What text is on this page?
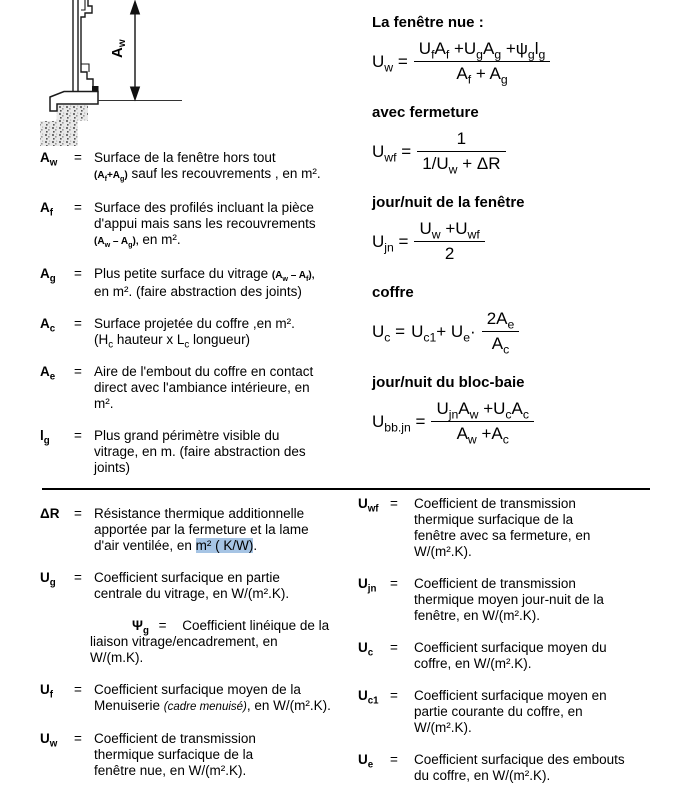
$A_w$
$A_w$	= Surface de la fenêtre hors tout
$(A_f+A_g)$ sauf les recouvrements , en m².
$A_f$	= Surface des profilés incluant la pièce
d'appui mais sans les recouvrements
$(A_w - A_g)$, en m².
$A_g$	= Plus petite surface du vitrage $(A_w - A_f)$,
en m². (faire abstraction des joints)
$A_c$	= Surface projetée du coffre ,en m².
($H_c$ hauteur x $L_c$ longueur)
$A_e$	= Aire de l'embout du coffre en contact
direct avec l'ambiance intérieure, en
m².
$l_g$	= Plus grand périmètre visible du
vitrage, en m. (faire abstraction des
joints)
La fenêtre nue :
$U_w = \frac{U_fA_f +U_gA_g +\psi_gl_g}{A_f + A_g}$
avec fermeture
$U_{wf} = \frac{1}{1/U_w + \Delta R}$
jour/nuit de la fenêtre
$U_{jn} = \frac{U_w +U_{wf}}{2}$
coffre
$U_c = U_{c1}+ U_e\cdot \frac{2A_e}{A_c}$
jour/nuit du bloc-baie
$U_{bb.jn} = \frac{U_{jn}A_w +U_cA_c}{A_w +A_c}$
ΔR	= Résistance thermique additionnelle
apportée par la fermeture et la lame
d'air ventilée, en m² ( K/W).
$U_g$	= Coefficient surfacique en partie
centrale du vitrage, en W/(m².K).
$\Psi_g$ = Coefficient linéique de la
liaison vitrage/encadrement, en
W/(m.K).
$U_f$	= Coefficient surfacique moyen de la
Menuiserie (cadre menuisé), en W/(m².K).
$U_w$	= Coefficient de transmission
thermique surfacique de la
fenêtre nue, en W/(m².K).
$U_{wf}$ =	Coefficient de transmission
thermique surfacique de la
fenêtre avec sa fermeture, en
W/(m².K).
$U_{jn}$	=	Coefficient de transmission
thermique moyen jour-nuit de la
fenêtre, en W/(m².K).
$U_c$	=	Coefficient surfacique moyen du
coffre, en W/(m².K).
$U_{c1}$ =	Coefficient surfacique moyen en
partie courante du coffre, en
W/(m².K).
$U_e$	=	Coefficient surfacique des embouts
du coffre, en W/(m².K).
